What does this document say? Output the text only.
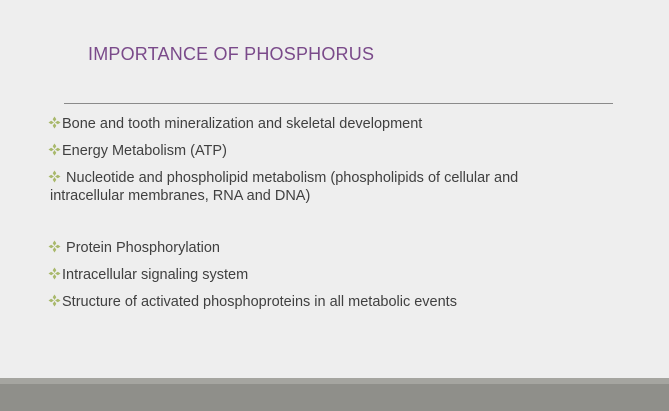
IMPORTANCE OF PHOSPHORUS
Bone and tooth mineralization and skeletal development
Energy Metabolism (ATP)
Nucleotide and phospholipid metabolism (phospholipids of cellular and
intracellular membranes, RNA and DNA)
Protein Phosphorylation
Intracellular signaling system
Structure of activated phosphoproteins in all metabolic events
